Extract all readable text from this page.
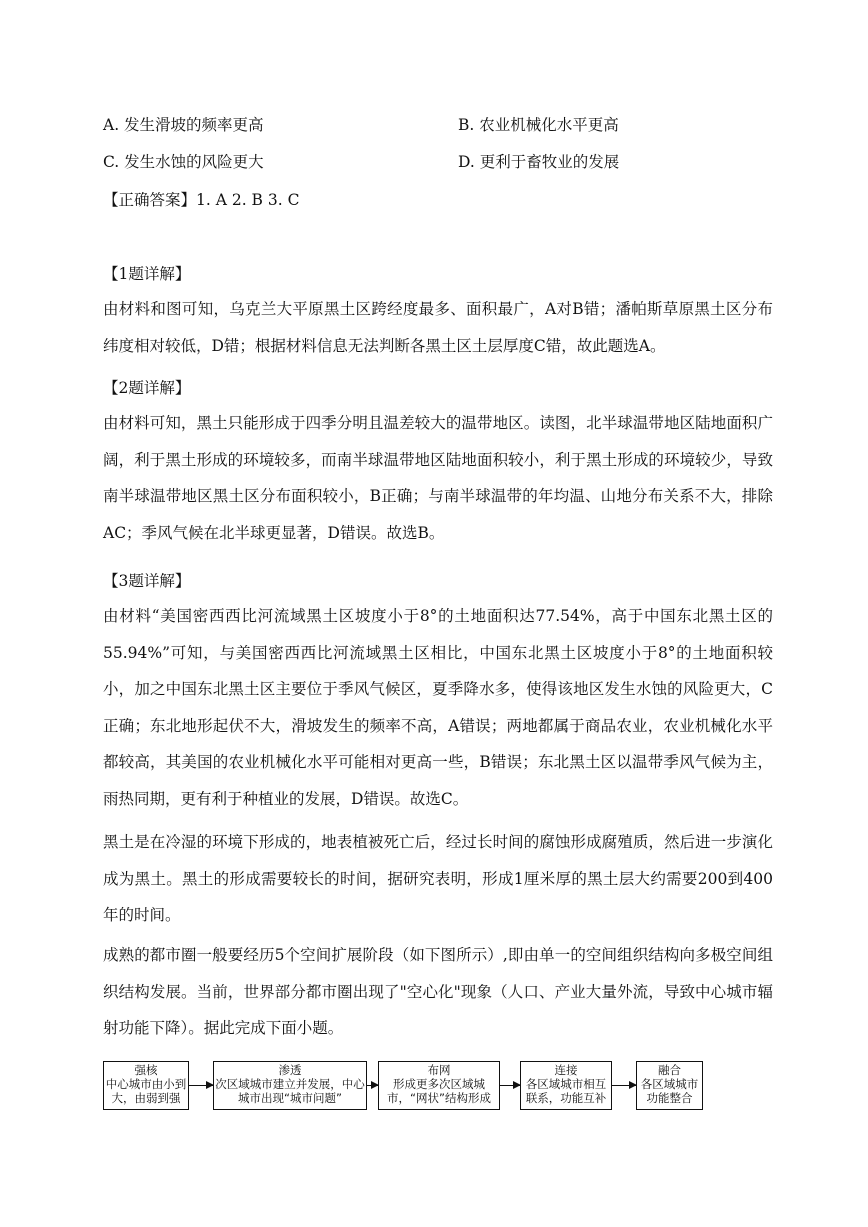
A. 发生滑坡的频率更高	B. 农业机械化水平更高
C. 发生水蚀的风险更大	D. 更利于畜牧业的发展
【正确答案】1. A 2. B 3. C
【1题详解】

由材料和图可知，乌克兰大平原黑土区跨经度最多、面积最广，A对B错；潘帕斯草原黑土区分布纬度相对较低，D错；根据材料信息无法判断各黑土区土层厚度C错，故此题选A。

【2题详解】

由材料可知，黑土只能形成于四季分明且温差较大的温带地区。读图，北半球温带地区陆地面积广阔，利于黑土形成的环境较多，而南半球温带地区陆地面积较小，利于黑土形成的环境较少，导致南半球温带地区黑土区分布面积较小，B正确；与南半球温带的年均温、山地分布关系不大，排除AC；季风气候在北半球更显著，D错误。故选B。

【3题详解】

由材料“美国密西西比河流域黑土区坡度小于8°的土地面积达77.54%，高于中国东北黑土区的55.94%”可知，与美国密西西比河流域黑土区相比，中国东北黑土区坡度小于8°的土地面积较小，加之中国东北黑土区主要位于季风气候区，夏季降水多，使得该地区发生水蚀的风险更大，C正确；东北地形起伏不大，滑坡发生的频率不高，A错误；两地都属于商品农业，农业机械化水平都较高，其美国的农业机械化水平可能相对更高一些，B错误；东北黑土区以温带季风气候为主，雨热同期，更有利于种植业的发展，D错误。故选C。

黑土是在冷湿的环境下形成的，地表植被死亡后，经过长时间的腐蚀形成腐殖质，然后进一步演化成为黑土。黑土的形成需要较长的时间，据研究表明，形成1厘米厚的黑土层大约需要200到400年的时间。

成熟的都市圈一般要经历5个空间扩展阶段（如下图所示）,即由单一的空间组织结构向多极空间组织结构发展。当前，世界部分都市圈出现了"空心化"现象（人口、产业大量外流，导致中心城市辐射功能下降）。据此完成下面小题。

强核
中心城市由小到大，由弱到强
渗透
次区域城市建立并发展，中心城市出现“城市问题”
布网
形成更多次区域城市，“网状”结构形成
连接
各区域城市相互联系，功能互补
融合
各区域城市功能整合
